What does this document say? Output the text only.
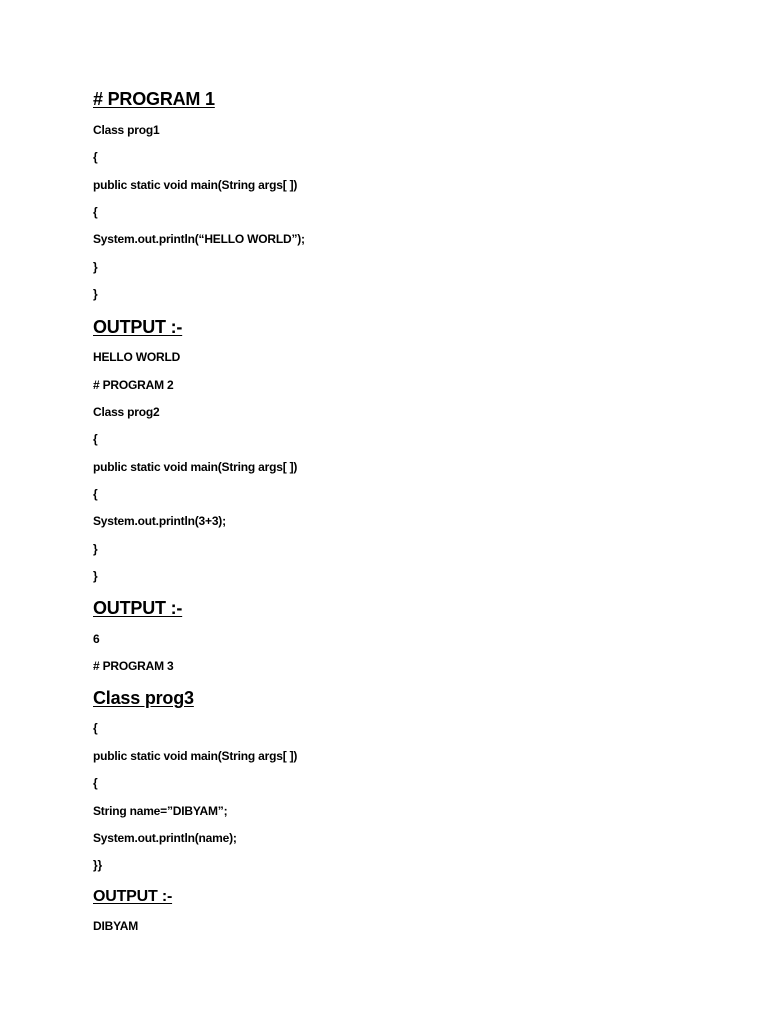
# PROGRAM 1
Class prog1
{
public static void main(String args[ ])
{
System.out.println(“HELLO WORLD”);
}
}
OUTPUT :-
HELLO WORLD
# PROGRAM 2
Class prog2
{
public static void main(String args[ ])
{
System.out.println(3+3);
}
}
OUTPUT :-
6
# PROGRAM 3
Class prog3
{
public static void main(String args[ ])
{
String name=”DIBYAM”;
System.out.println(name);
}}
OUTPUT :-
DIBYAM
